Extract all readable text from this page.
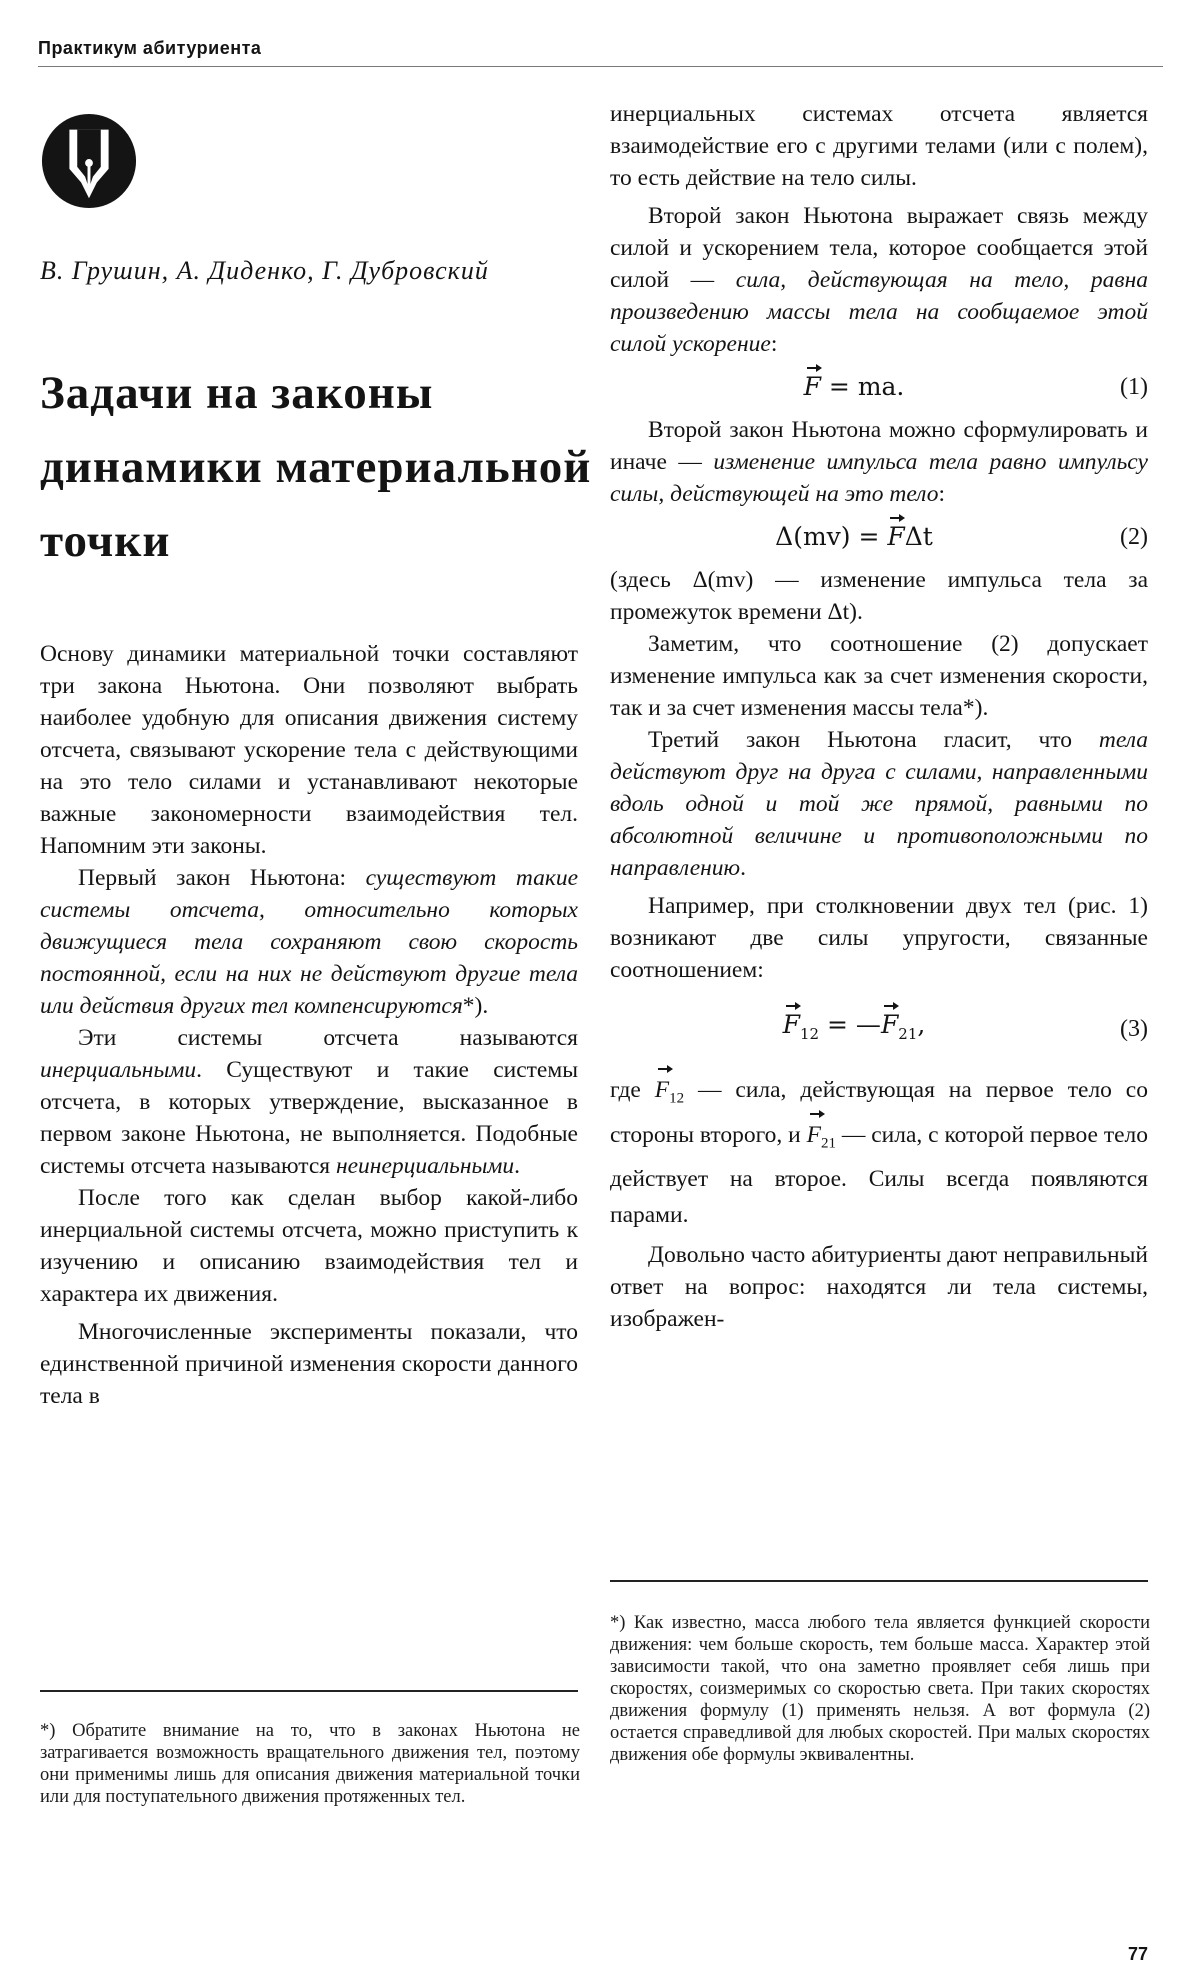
Практикум абитуриента
В. Грушин, А. Диденко, Г. Дубровский
Задачи на законы динамики материальной точки

Основу динамики материальной точки составляют три закона Ньютона. Они позволяют выбрать наиболее удобную для описания движения систему отсчета, связывают ускорение тела с действующими на это тело силами и устанавливают некоторые важные закономерности взаимодействия тел. Напомним эти законы.

Первый закон Ньютона: существуют такие системы отсчета, относительно которых движущиеся тела сохраняют свою скорость постоянной, если на них не действуют другие тела или действия других тел компенсируются*).

Эти системы отсчета называются инерциальными. Существуют и такие системы отсчета, в которых утверждение, высказанное в первом законе Ньютона, не выполняется. Подобные системы отсчета называются неинерциальными.

После того как сделан выбор какой-либо инерциальной системы отсчета, можно приступить к изучению и описанию взаимодействия тел и характера их движения.

Многочисленные эксперименты показали, что единственной причиной изменения скорости данного тела в

инерциальных системах отсчета является взаимодействие его с другими телами (или с полем), то есть действие на тело силы.

Второй закон Ньютона выражает связь между силой и ускорением тела, которое сообщается этой силой — сила, действующая на тело, равна произведению массы тела на сообщаемое этой силой ускорение:

F = ma.	(1)

Второй закон Ньютона можно сформулировать и иначе — изменение импульса тела равно импульсу силы, действующей на это тело:

Δ(mv) = FΔt	(2)

(здесь Δ(mv) — изменение импульса тела за промежуток времени Δt).

Заметим, что соотношение (2) допускает изменение импульса как за счет изменения скорости, так и за счет изменения массы тела*).

Третий закон Ньютона гласит, что тела действуют друг на друга с силами, направленными вдоль одной и той же прямой, равными по абсолютной величине и противоположными по направлению.

Например, при столкновении двух тел (рис. 1) возникают две силы упругости, связанные соотношением:

$F_{12}$ = $—F_{21}$,	(3)

где $F_{12}$ — сила, действующая на первое тело со стороны второго, и $F_{21}$ — сила, с которой первое тело действует на второе. Силы всегда появляются парами.

Довольно часто абитуриенты дают неправильный ответ на вопрос: находятся ли тела системы, изображен-

*) Обратите внимание на то, что в законах Ньютона не затрагивается возможность вращательного движения тел, поэтому они применимы лишь для описания движения материальной точки или для поступательного движения протяженных тел.
*) Как известно, масса любого тела является функцией скорости движения: чем больше скорость, тем больше масса. Характер этой зависимости такой, что она заметно проявляет себя лишь при скоростях, соизмеримых со скоростью света. При таких скоростях движения формулу (1) применять нельзя. А вот формула (2) остается справедливой для любых скоростей. При малых скоростях движения обе формулы эквивалентны.
77
